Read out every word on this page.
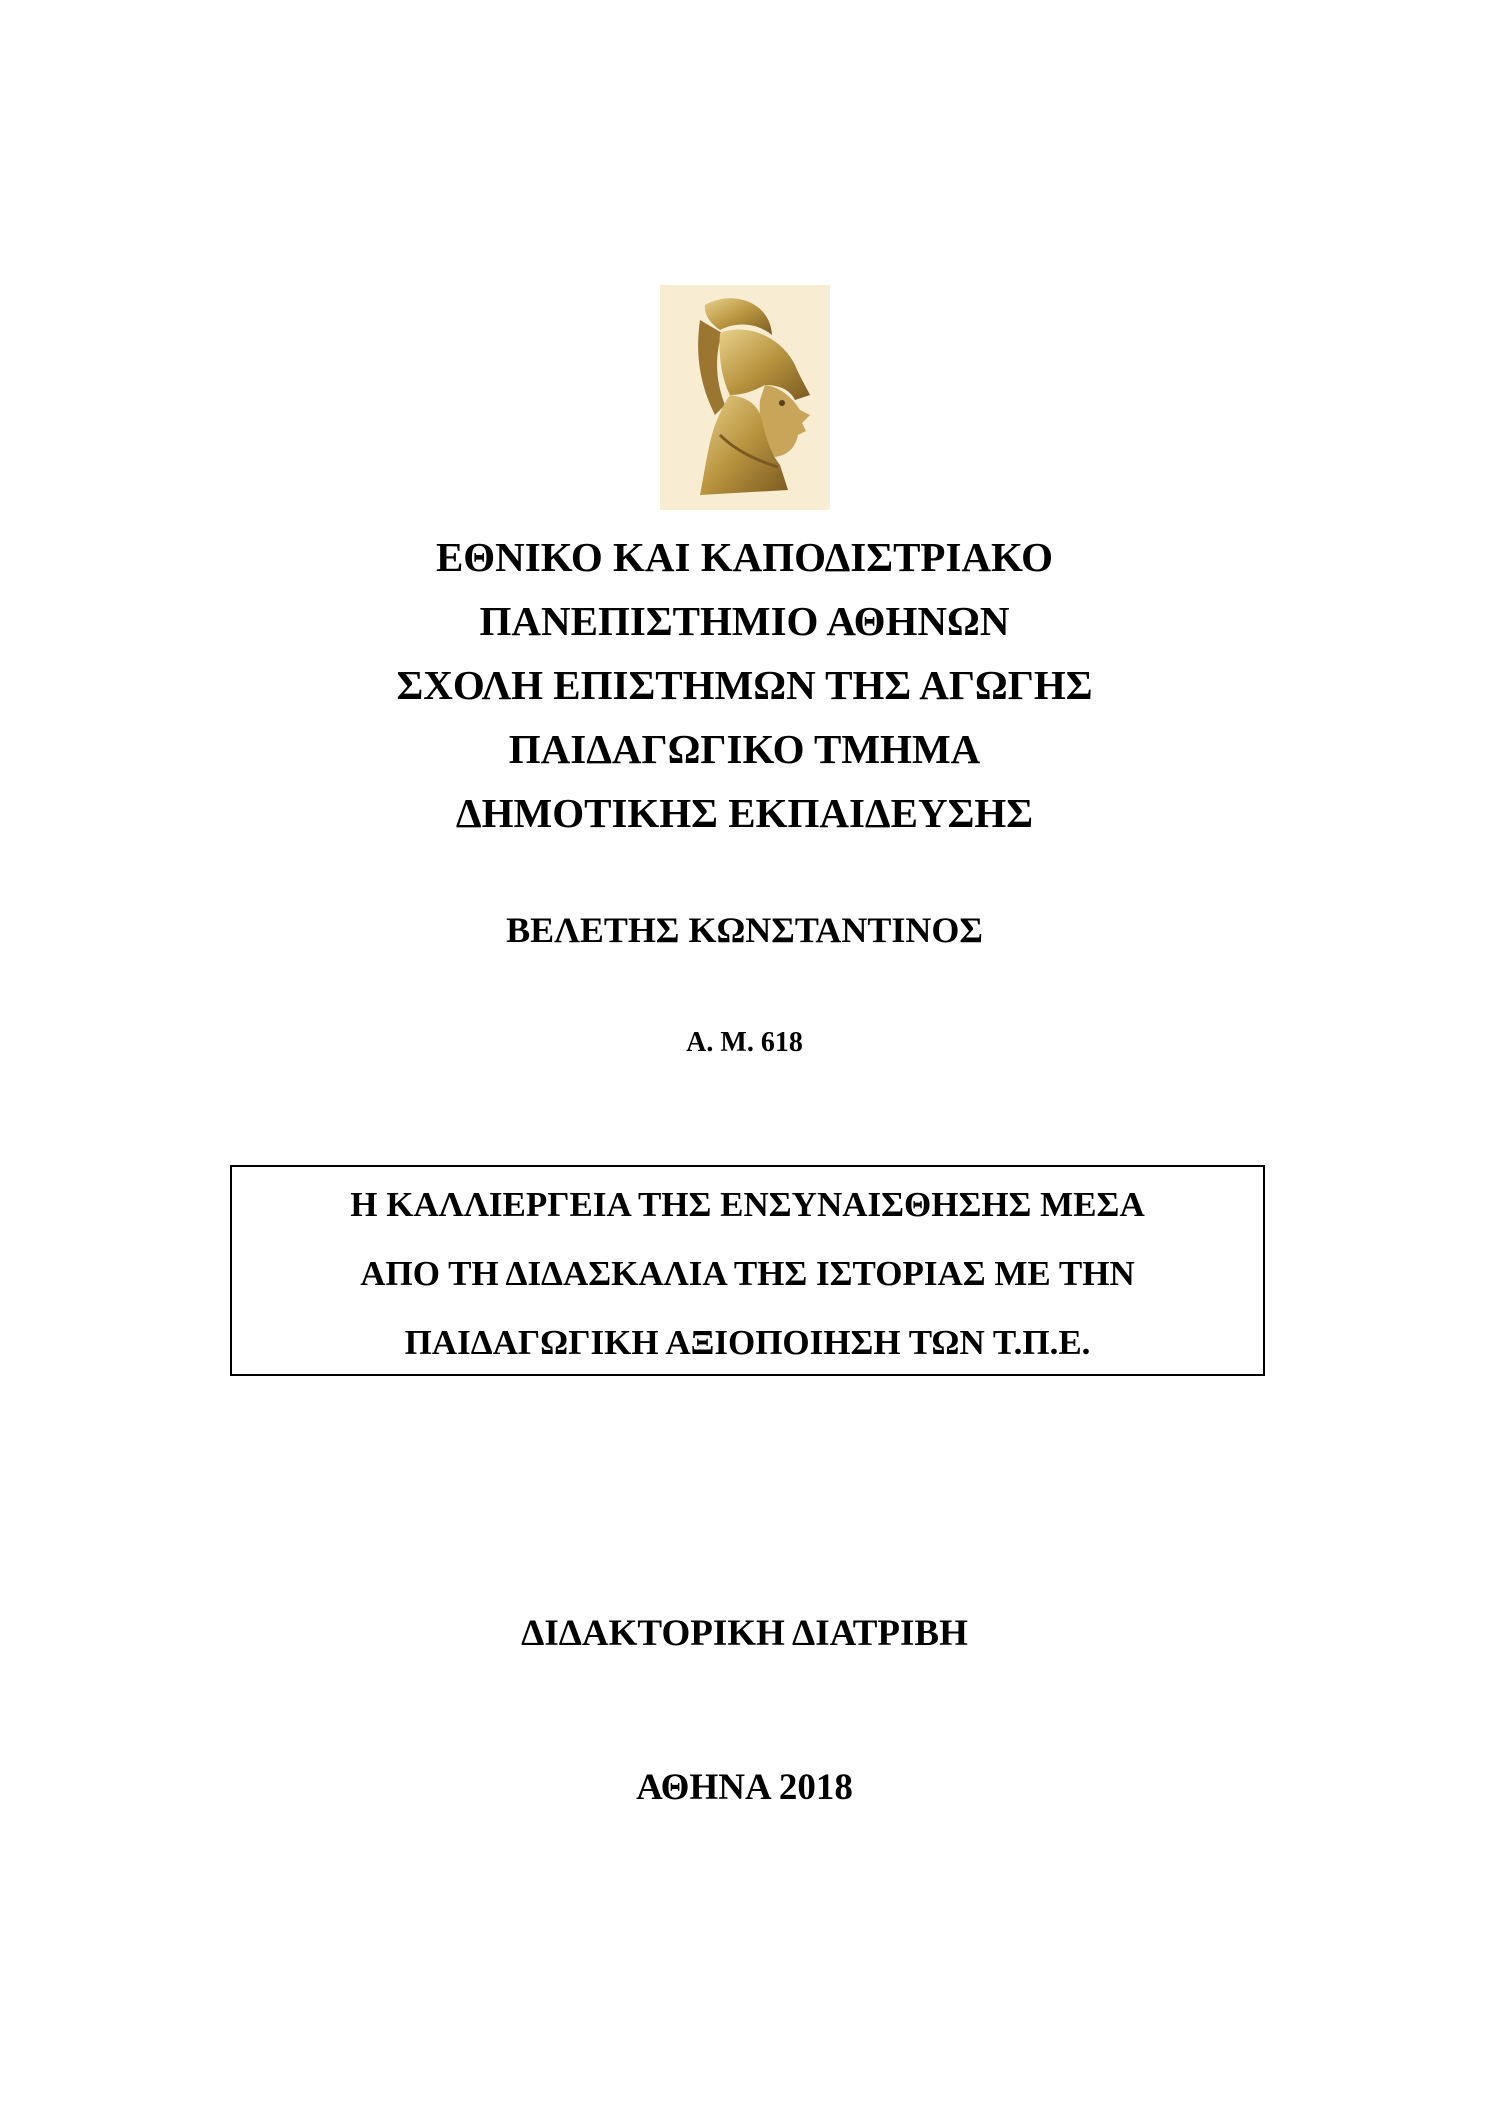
ΕΘΝΙΚΟ ΚΑΙ ΚΑΠΟΔΙΣΤΡΙΑΚΟ
ΠΑΝΕΠΙΣΤΗΜΙΟ ΑΘΗΝΩΝ
ΣΧΟΛΗ ΕΠΙΣΤΗΜΩΝ ΤΗΣ ΑΓΩΓΗΣ
ΠΑΙΔΑΓΩΓΙΚΟ ΤΜΗΜΑ
ΔΗΜΟΤΙΚΗΣ ΕΚΠΑΙΔΕΥΣΗΣ
ΒΕΛΕΤΗΣ ΚΩΝΣΤΑΝΤΙΝΟΣ
Α. Μ. 618
Η ΚΑΛΛΙΕΡΓΕΙΑ ΤΗΣ ΕΝΣΥΝΑΙΣΘΗΣΗΣ ΜΕΣΑ
ΑΠΟ ΤΗ ΔΙΔΑΣΚΑΛΙΑ ΤΗΣ ΙΣΤΟΡΙΑΣ ΜΕ ΤΗΝ
ΠΑΙΔΑΓΩΓΙΚΗ ΑΞΙΟΠΟΙΗΣΗ ΤΩΝ Τ.Π.Ε.
ΔΙΔΑΚΤΟΡΙΚΗ ΔΙΑΤΡΙΒΗ
ΑΘΗΝΑ 2018
